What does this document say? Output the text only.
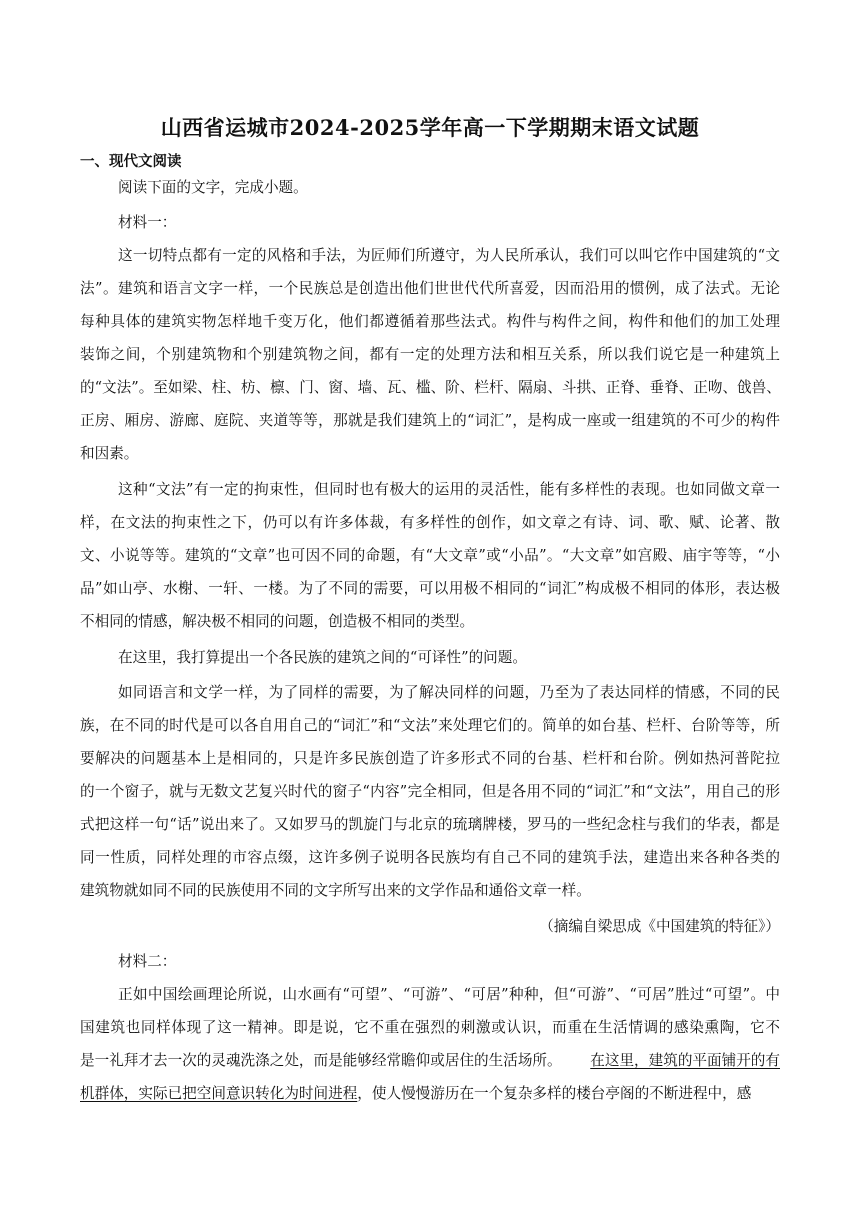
山西省运城市2024-2025学年高一下学期期末语文试题
一、现代文阅读
阅读下面的文字，完成小题。
材料一：
这一切特点都有一定的风格和手法，为匠师们所遵守，为人民所承认，我们可以叫它作中国建筑的“文
法”。建筑和语言文字一样，一个民族总是创造出他们世世代代所喜爱，因而沿用的惯例，成了法式。无论
每种具体的建筑实物怎样地千变万化，他们都遵循着那些法式。构件与构件之间，构件和他们的加工处理
装饰之间，个别建筑物和个别建筑物之间，都有一定的处理方法和相互关系，所以我们说它是一种建筑上
的“文法”。至如梁、柱、枋、檩、门、窗、墙、瓦、槛、阶、栏杆、隔扇、斗拱、正脊、垂脊、正吻、戗兽、
正房、厢房、游廊、庭院、夹道等等，那就是我们建筑上的“词汇”，是构成一座或一组建筑的不可少的构件
和因素。
这种“文法”有一定的拘束性，但同时也有极大的运用的灵活性，能有多样性的表现。也如同做文章一
样，在文法的拘束性之下，仍可以有许多体裁，有多样性的创作，如文章之有诗、词、歌、赋、论著、散
文、小说等等。建筑的“文章”也可因不同的命题，有“大文章”或“小品”。“大文章”如宫殿、庙宇等等，“小
品”如山亭、水榭、一轩、一楼。为了不同的需要，可以用极不相同的“词汇”构成极不相同的体形，表达极
不相同的情感，解决极不相同的问题，创造极不相同的类型。
在这里，我打算提出一个各民族的建筑之间的“可译性”的问题。
如同语言和文学一样，为了同样的需要，为了解决同样的问题，乃至为了表达同样的情感，不同的民
族，在不同的时代是可以各自用自己的“词汇”和“文法”来处理它们的。简单的如台基、栏杆、台阶等等，所
要解决的问题基本上是相同的，只是许多民族创造了许多形式不同的台基、栏杆和台阶。例如热河普陀拉
的一个窗子，就与无数文艺复兴时代的窗子“内容”完全相同，但是各用不同的“词汇”和“文法”，用自己的形
式把这样一句“话”说出来了。又如罗马的凯旋门与北京的琉璃牌楼，罗马的一些纪念柱与我们的华表，都是
同一性质，同样处理的市容点缀，这许多例子说明各民族均有自己不同的建筑手法，建造出来各种各类的
建筑物就如同不同的民族使用不同的文字所写出来的文学作品和通俗文章一样。
（摘编自梁思成《中国建筑的特征》）
材料二：
正如中国绘画理论所说，山水画有“可望”、“可游”、“可居”种种，但“可游”、“可居”胜过“可望”。中
国建筑也同样体现了这一精神。即是说，它不重在强烈的刺激或认识，而重在生活情调的感染熏陶，它不
是一礼拜才去一次的灵魂洗涤之处，而是能够经常瞻仰或居住的生活场所。 在这里，建筑的平面铺开的有
机群体，实际已把空间意识转化为时间进程，使人慢慢游历在一个复杂多样的楼台亭阁的不断进程中，感
